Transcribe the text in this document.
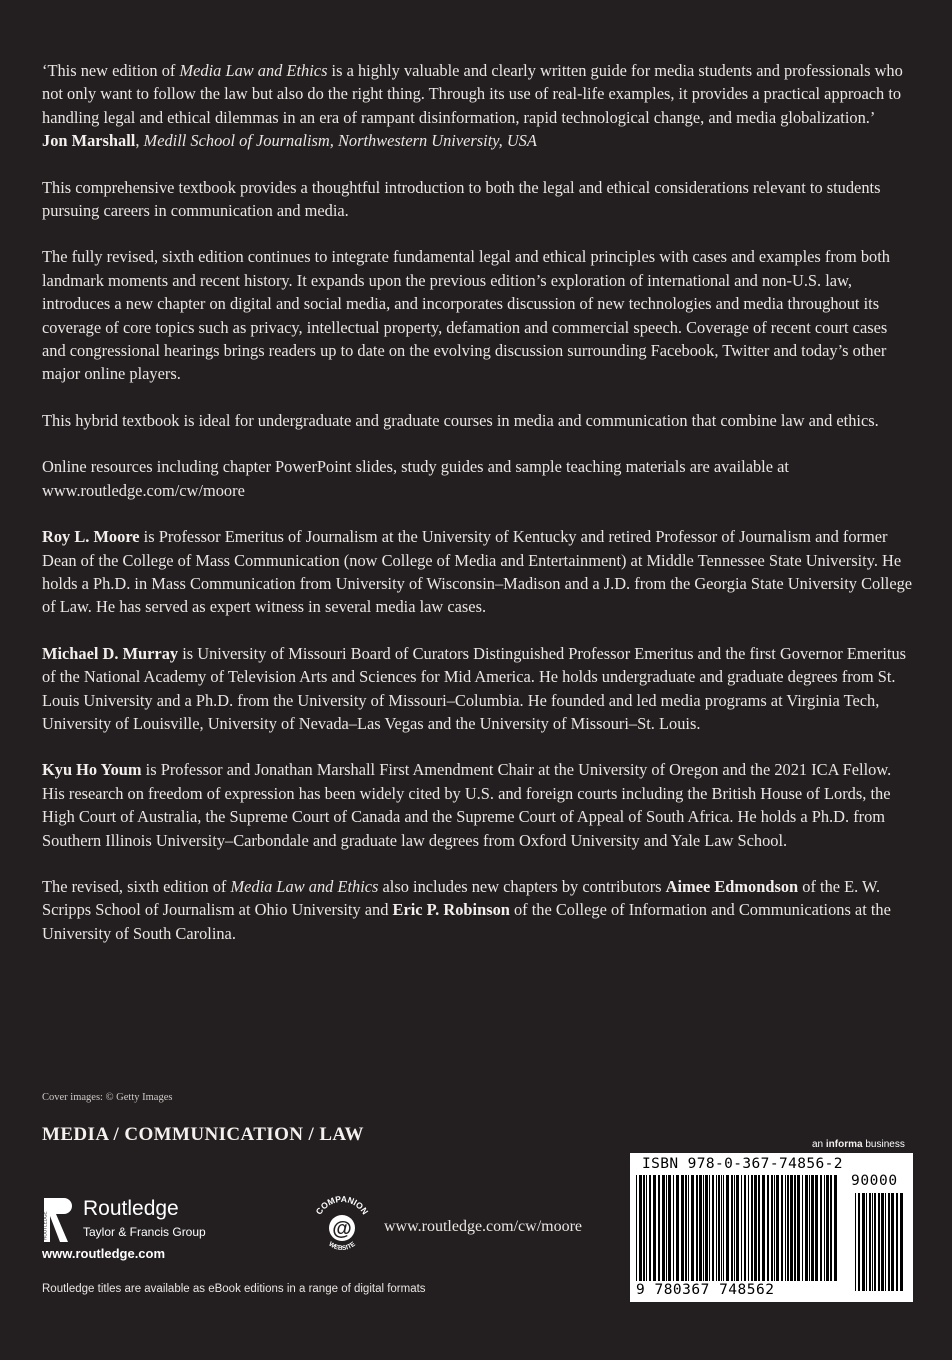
‘This new edition of Media Law and Ethics is a highly valuable and clearly written guide for media students and professionals who not only want to follow the law but also do the right thing. Through its use of real-life examples, it provides a practical approach to handling legal and ethical dilemmas in an era of rampant disinformation, rapid technological change, and media globalization.’

Jon Marshall, Medill School of Journalism, Northwestern University, USA

This comprehensive textbook provides a thoughtful introduction to both the legal and ethical considerations relevant to students pursuing careers in communication and media.

The fully revised, sixth edition continues to integrate fundamental legal and ethical principles with cases and examples from both landmark moments and recent history. It expands upon the previous edition’s exploration of international and non-U.S. law, introduces a new chapter on digital and social media, and incorporates discussion of new technologies and media throughout its coverage of core topics such as privacy, intellectual property, defamation and commercial speech. Coverage of recent court cases and congressional hearings brings readers up to date on the evolving discussion surrounding Facebook, Twitter and today’s other major online players.

This hybrid textbook is ideal for undergraduate and graduate courses in media and communication that combine law and ethics.

Online resources including chapter PowerPoint slides, study guides and sample teaching materials are available at www.routledge.com/cw/moore

Roy L. Moore is Professor Emeritus of Journalism at the University of Kentucky and retired Professor of Journalism and former Dean of the College of Mass Communication (now College of Media and Entertainment) at Middle Tennessee State University. He holds a Ph.D. in Mass Communication from University of Wisconsin–Madison and a J.D. from the Georgia State University College of Law. He has served as expert witness in several media law cases.

Michael D. Murray is University of Missouri Board of Curators Distinguished Professor Emeritus and the first Governor Emeritus of the National Academy of Television Arts and Sciences for Mid America. He holds undergraduate and graduate degrees from St. Louis University and a Ph.D. from the University of Missouri–Columbia. He founded and led media programs at Virginia Tech, University of Louisville, University of Nevada–Las Vegas and the University of Missouri–St. Louis.

Kyu Ho Youm is Professor and Jonathan Marshall First Amendment Chair at the University of Oregon and the 2021 ICA Fellow. His research on freedom of expression has been widely cited by U.S. and foreign courts including the British House of Lords, the High Court of Australia, the Supreme Court of Canada and the Supreme Court of Appeal of South Africa. He holds a Ph.D. from Southern Illinois University–Carbondale and graduate law degrees from Oxford University and Yale Law School.

The revised, sixth edition of Media Law and Ethics also includes new chapters by contributors Aimee Edmondson of the E. W. Scripps School of Journalism at Ohio University and Eric P. Robinson of the College of Information and Communications at the University of South Carolina.

Cover images: © Getty Images
MEDIA / COMMUNICATION / LAW
ROUTLEDGE
Routledge
Taylor & Francis Group
www.routledge.com
COMPANION
@
WEBSITE
www.routledge.com/cw/moore
Routledge titles are available as eBook editions in a range of digital formats
an informa business
ISBN 978-0-367-74856-2
90000
9 780367 748562
